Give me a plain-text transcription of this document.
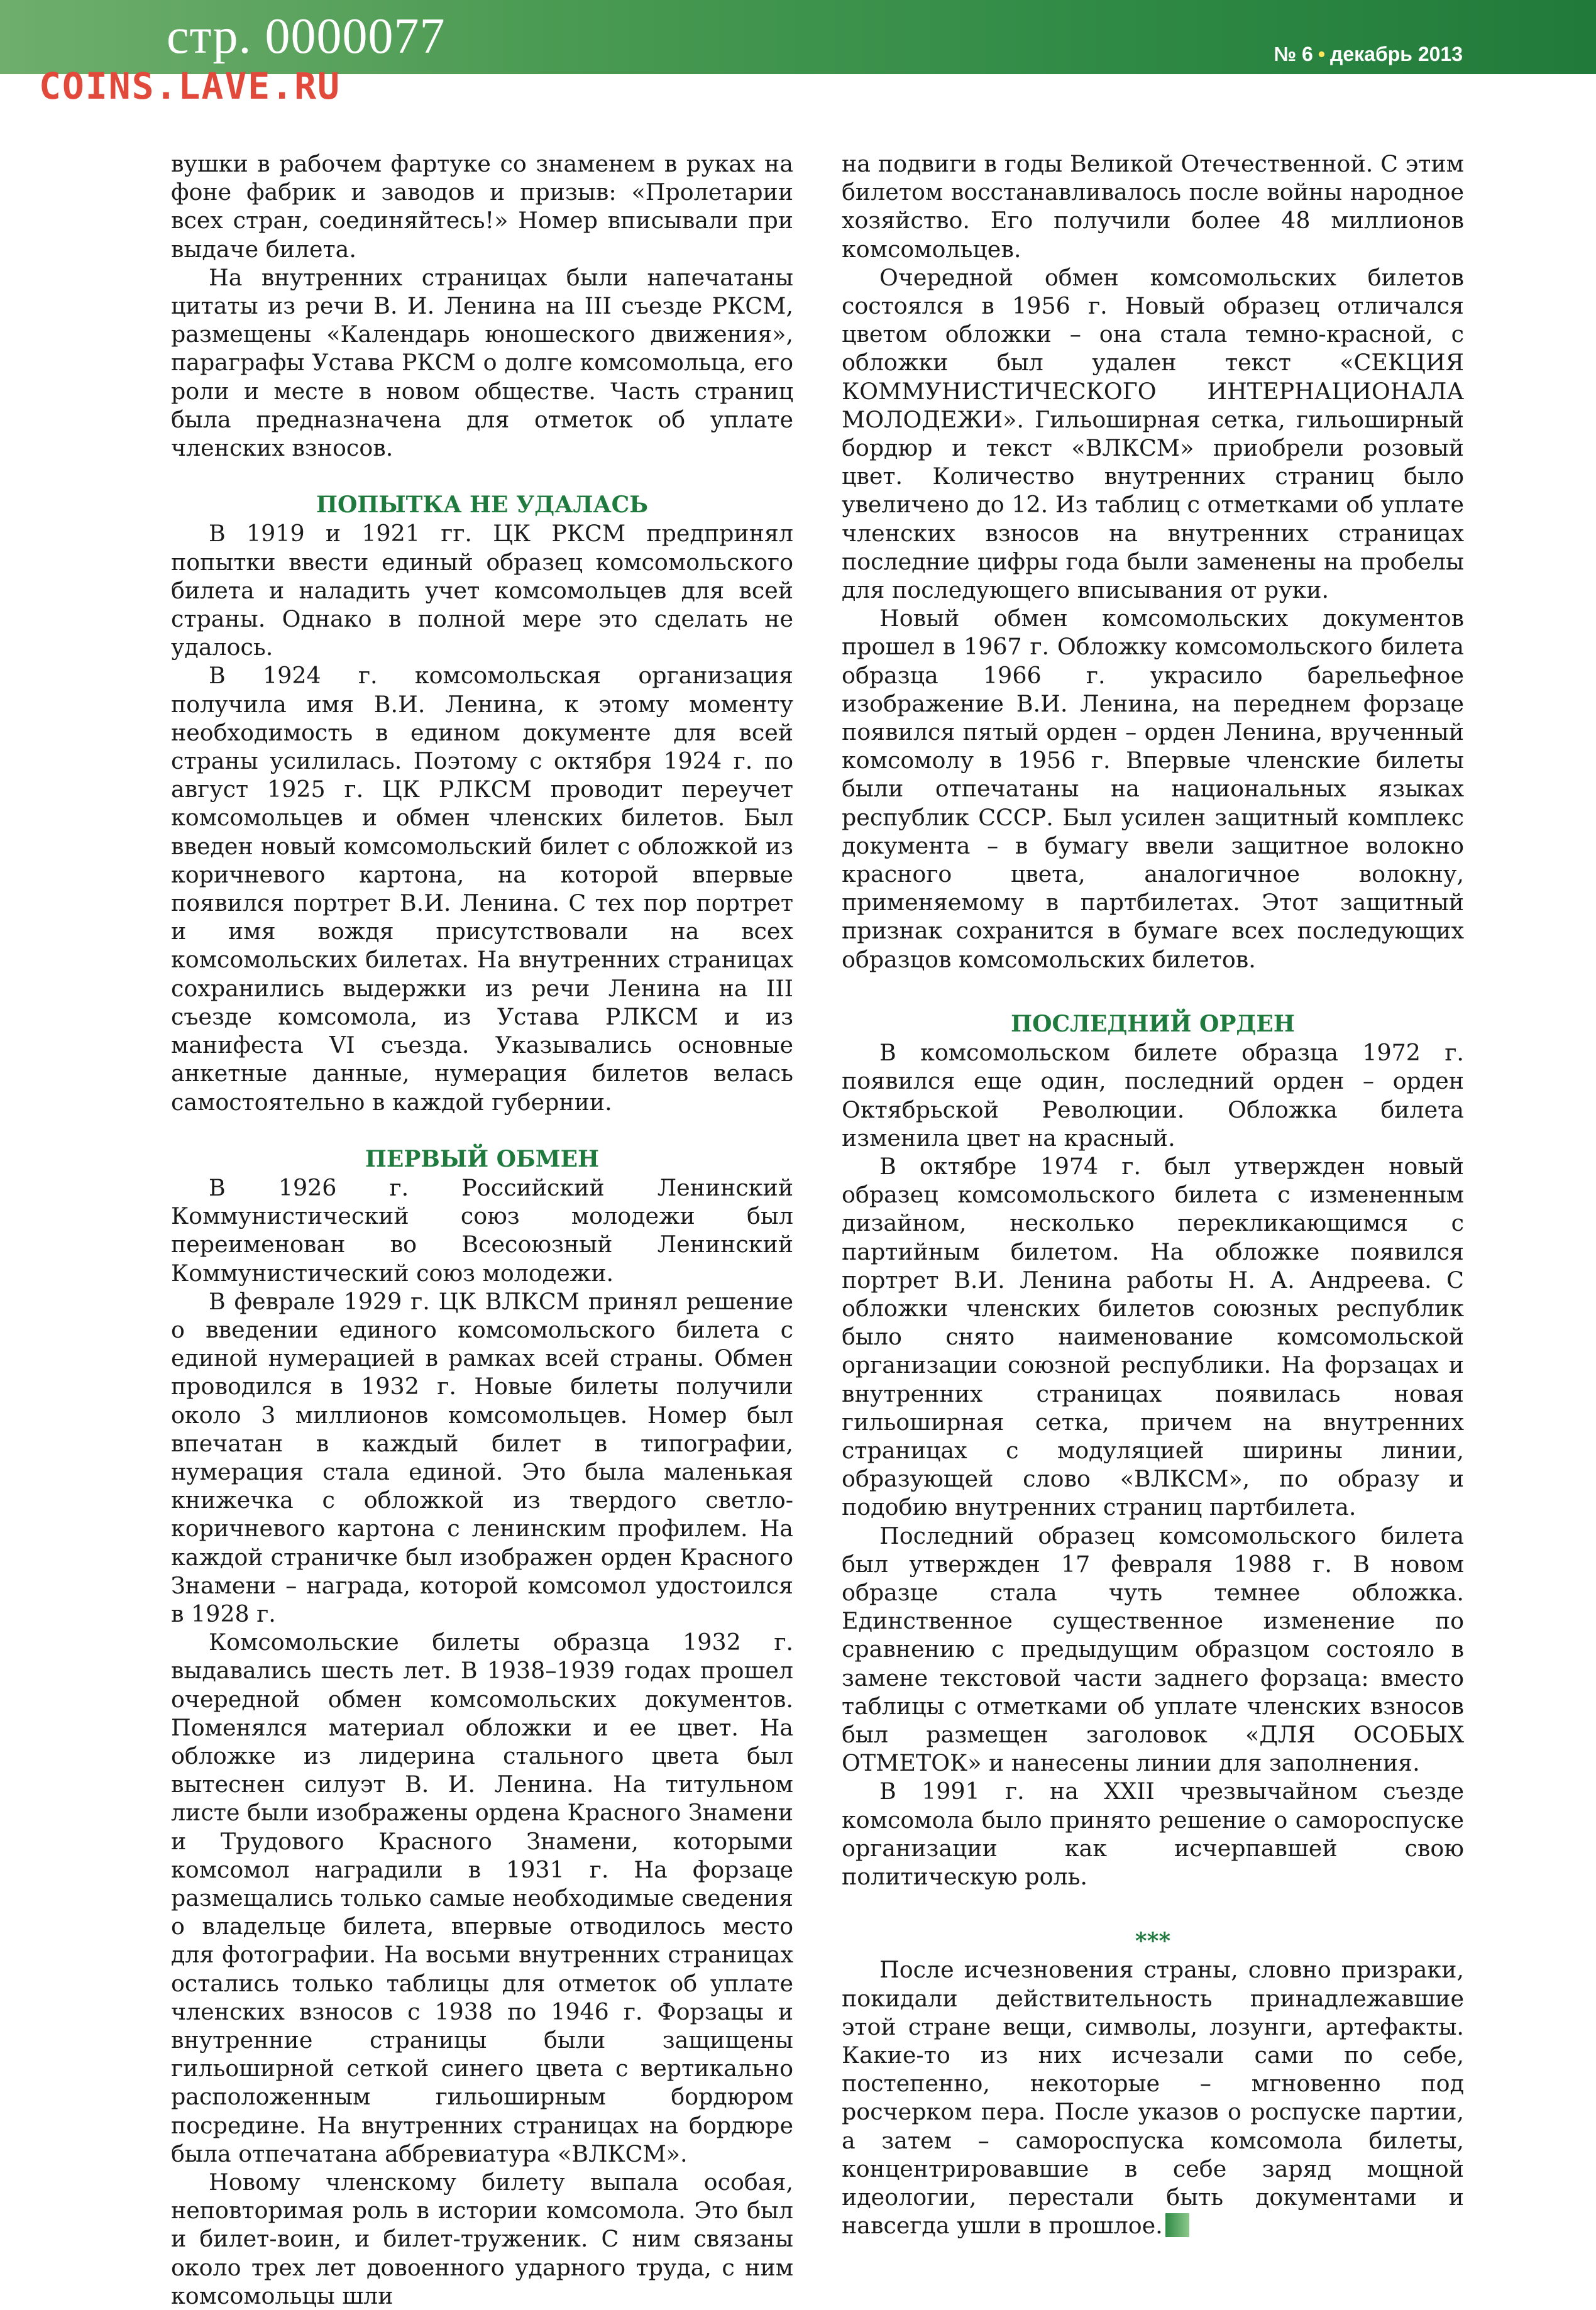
стр. 0000077
COINS.LAVE.RU
№ 6 • декабрь 2013

вушки в рабочем фартуке со знаменем в руках на фоне фабрик и заводов и призыв: «Пролетарии всех стран, соединяйтесь!» Номер вписывали при выдаче билета.

На внутренних страницах были напечатаны цитаты из речи В. И. Ленина на III съезде РКСМ, размещены «Календарь юношеского движения», параграфы Устава РКСМ о долге комсомольца, его роли и месте в новом обществе. Часть страниц была предназначена для отметок об уплате членских взносов.

ПОПЫТКА НЕ УДАЛАСЬ

В 1919 и 1921 гг. ЦК РКСМ предпринял попытки ввести единый образец комсомольского билета и наладить учет комсомольцев для всей страны. Однако в полной мере это сделать не удалось.

В 1924 г. комсомольская организация получила имя В.И. Ленина, к этому моменту необходимость в едином документе для всей страны усилилась. Поэтому с октября 1924 г. по август 1925 г. ЦК РЛКСМ проводит переучет комсомольцев и обмен членских билетов. Был введен новый комсомольский билет с обложкой из коричневого картона, на которой впервые появился портрет В.И. Ленина. С тех пор портрет и имя вождя присутствовали на всех комсомольских билетах. На внутренних страницах сохранились выдержки из речи Ленина на III съезде комсомола, из Устава РЛКСМ и из манифеста VI съезда. Указывались основные анкетные данные, нумерация билетов велась самостоятельно в каждой губернии.

ПЕРВЫЙ ОБМЕН

В 1926 г. Российский Ленинский Коммунистический союз молодежи был переименован во Всесоюзный Ленинский Коммунистический союз молодежи.

В феврале 1929 г. ЦК ВЛКСМ принял решение о введении единого комсомольского билета с единой нумерацией в рамках всей страны. Обмен проводился в 1932 г. Новые билеты получили около 3 миллионов комсомольцев. Номер был впечатан в каждый билет в типографии, нумерация стала единой. Это была маленькая книжечка с обложкой из твердого светло-коричневого картона с ленинским профилем. На каждой страничке был изображен орден Красного Знамени – награда, которой комсомол удостоился в 1928 г.

Комсомольские билеты образца 1932 г. выдавались шесть лет. В 1938–1939 годах прошел очередной обмен комсомольских документов. Поменялся материал обложки и ее цвет. На обложке из лидерина стального цвета был вытеснен силуэт В. И. Ленина. На титульном листе были изображены ордена Красного Знамени и Трудового Красного Знамени, которыми комсомол наградили в 1931 г. На форзаце размещались только самые необходимые сведения о владельце билета, впервые отводилось место для фотографии. На восьми внутренних страницах остались только таблицы для отметок об уплате членских взносов с 1938 по 1946 г. Форзацы и внутренние страницы были защищены гильоширной сеткой синего цвета с вертикально расположенным гильоширным бордюром посредине. На внутренних страницах на бордюре была отпечатана аббревиатура «ВЛКСМ».

Новому членскому билету выпала особая, неповторимая роль в истории комсомола. Это был и билет-воин, и билет-труженик. С ним связаны около трех лет довоенного ударного труда, с ним комсомольцы шли

на подвиги в годы Великой Отечественной. С этим билетом восстанавливалось после войны народное хозяйство. Его получили более 48 миллионов комсомольцев.

Очередной обмен комсомольских билетов состоялся в 1956 г. Новый образец отличался цветом обложки – она стала темно-красной, с обложки был удален текст «СЕКЦИЯ КОММУНИСТИЧЕСКОГО ИНТЕРНАЦИОНАЛА МОЛОДЕЖИ». Гильоширная сетка, гильоширный бордюр и текст «ВЛКСМ» приобрели розовый цвет. Количество внутренних страниц было увеличено до 12. Из таблиц с отметками об уплате членских взносов на внутренних страницах последние цифры года были заменены на пробелы для последующего вписывания от руки.

Новый обмен комсомольских документов прошел в 1967 г. Обложку комсомольского билета образца 1966 г. украсило барельефное изображение В.И. Ленина, на переднем форзаце появился пятый орден – орден Ленина, врученный комсомолу в 1956 г. Впервые членские билеты были отпечатаны на национальных языках республик СССР. Был усилен защитный комплекс документа – в бумагу ввели защитное волокно красного цвета, аналогичное волокну, применяемому в партбилетах. Этот защитный признак сохранится в бумаге всех последующих образцов комсомольских билетов.

ПОСЛЕДНИЙ ОРДЕН

В комсомольском билете образца 1972 г. появился еще один, последний орден – орден Октябрьской Революции. Обложка билета изменила цвет на красный.

В октябре 1974 г. был утвержден новый образец комсомольского билета с измененным дизайном, несколько перекликающимся с партийным билетом. На обложке появился портрет В.И. Ленина работы Н. А. Андреева. С обложки членских билетов союзных республик было снято наименование комсомольской организации союзной республики. На форзацах и внутренних страницах появилась новая гильоширная сетка, причем на внутренних страницах с модуляцией ширины линии, образующей слово «ВЛКСМ», по образу и подобию внутренних страниц партбилета.

Последний образец комсомольского билета был утвержден 17 февраля 1988 г. В новом образце стала чуть темнее обложка. Единственное существенное изменение по сравнению с предыдущим образцом состояло в замене текстовой части заднего форзаца: вместо таблицы с отметками об уплате членских взносов был размещен заголовок «ДЛЯ ОСОБЫХ ОТМЕТОК» и нанесены линии для заполнения.

В 1991 г. на XXII чрезвычайном съезде комсомола было принято решение о самороспуске организации как исчерпавшей свою политическую роль.

***

После исчезновения страны, словно призраки, покидали действительность принадлежавшие этой стране вещи, символы, лозунги, артефакты. Какие-то из них исчезали сами по себе, постепенно, некоторые – мгновенно под росчерком пера. После указов о роспуске партии, а затем – самороспуска комсомола билеты, концентрировавшие в себе заряд мощной идеологии, перестали быть документами и навсегда ушли в прошлое.
